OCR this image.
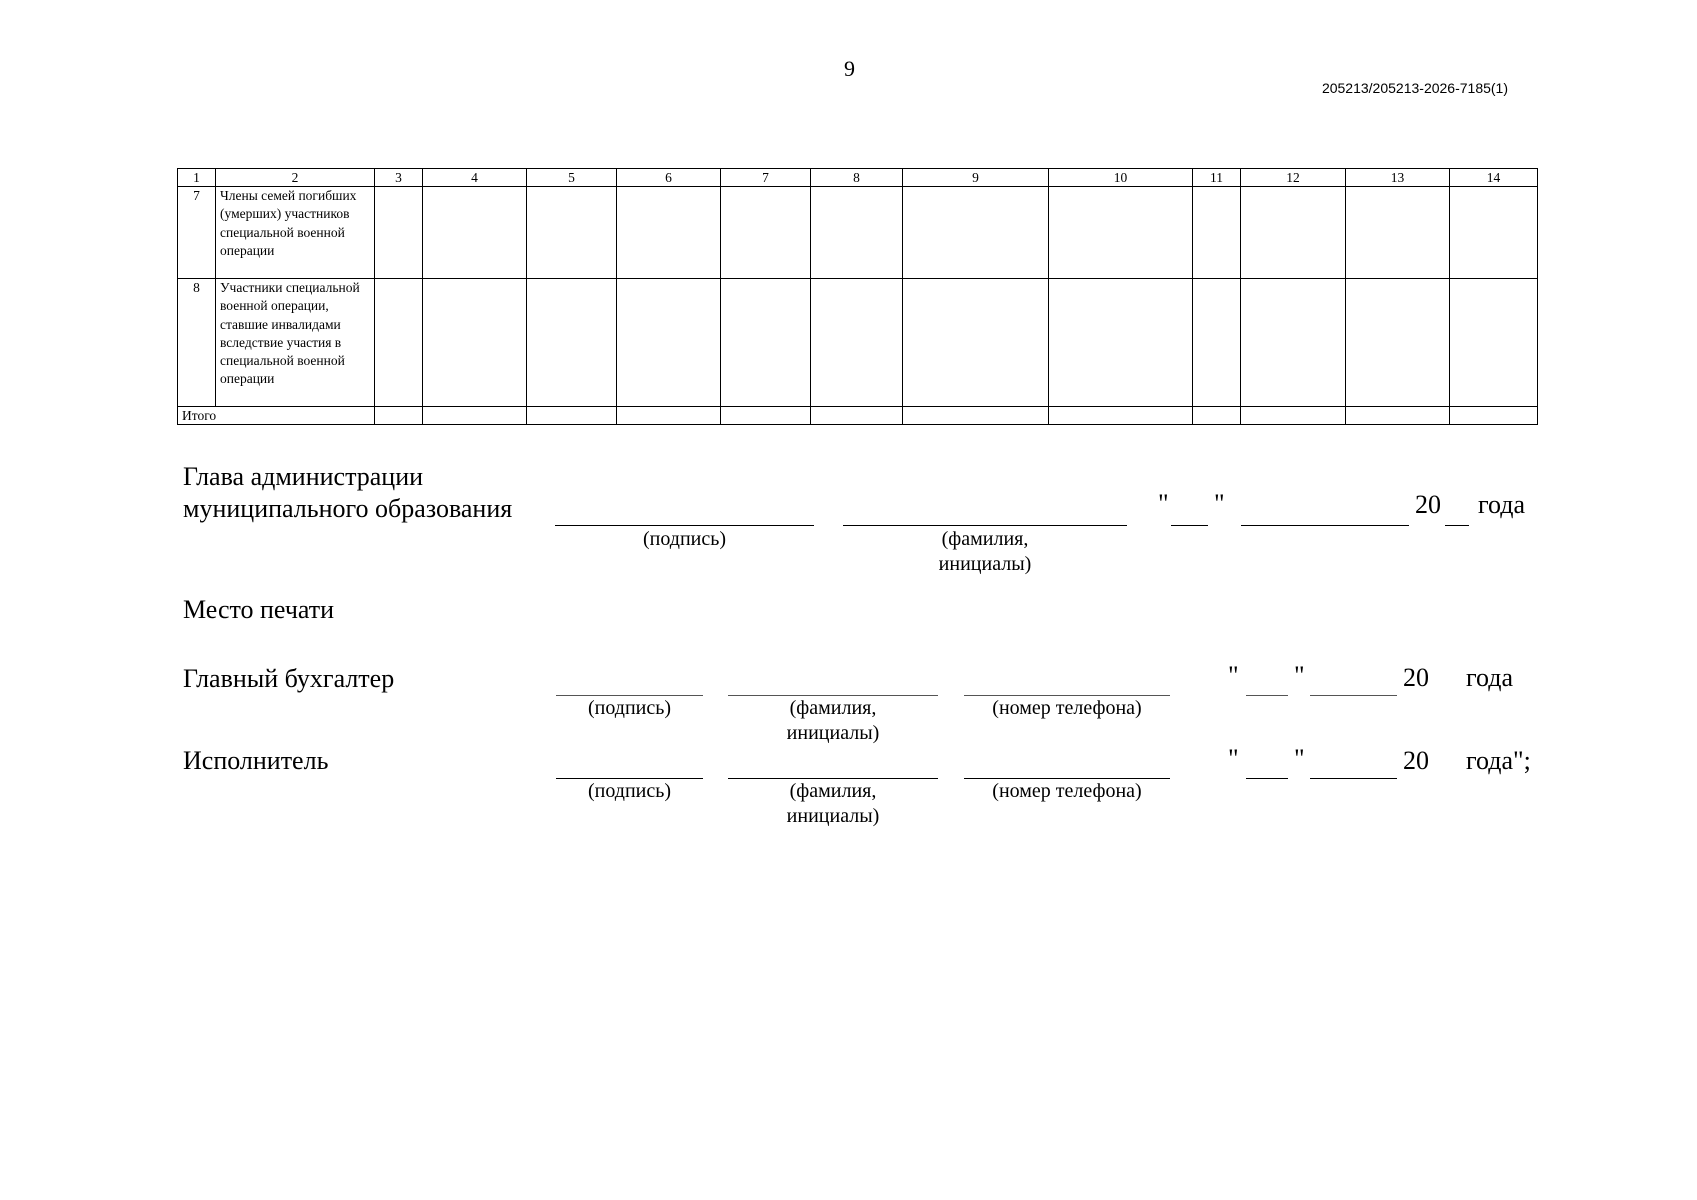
9
205213/205213-2026-7185(1)
1	2	3	4	5	6	7	8	9	10	11	12	13	14
7	Члены семей погибших (умерших) участников специальной военной операции												
8	Участники специальной военной операции, ставшие инвалидами вследствие участия в специальной военной операции												
Итого													
Глава администрации
муниципального образования
(подпись)	(фамилия,
инициалы)
" "	20 года
Место печати
Главный бухгалтер
(подпись)	(фамилия,
инициалы)
(номер телефона)
" "	20 года
Исполнитель
(подпись)	(фамилия,
инициалы)
(номер телефона)
" "	20 года";
